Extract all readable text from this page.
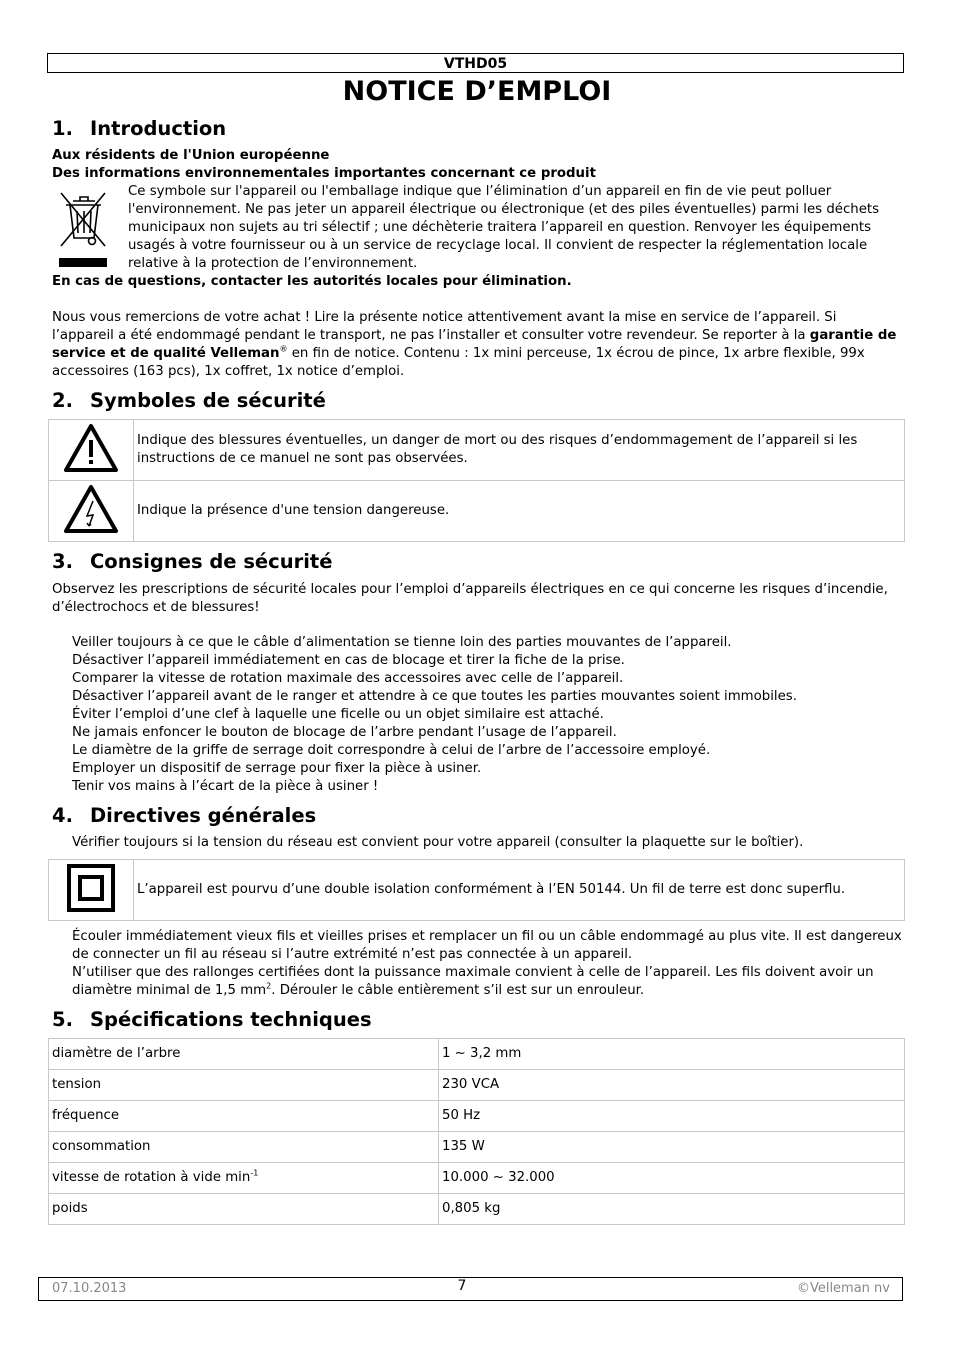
VTHD05
NOTICE D’EMPLOI
1. Introduction
Aux résidents de l'Union européenne
Des informations environnementales importantes concernant ce produit
Ce symbole sur l'appareil ou l'emballage indique que l’élimination d’un appareil en fin de vie peut polluer l'environnement. Ne pas jeter un appareil électrique ou électronique (et des piles éventuelles) parmi les déchets municipaux non sujets au tri sélectif ; une déchèterie traitera l’appareil en question. Renvoyer les équipements usagés à votre fournisseur ou à un service de recyclage local. Il convient de respecter la réglementation locale relative à la protection de l’environnement.
En cas de questions, contacter les autorités locales pour élimination.
Nous vous remercions de votre achat ! Lire la présente notice attentivement avant la mise en service de l’appareil. Si l’appareil a été endommagé pendant le transport, ne pas l’installer et consulter votre revendeur. Se reporter à la garantie de service et de qualité Velleman® en fin de notice. Contenu : 1x mini perceuse, 1x écrou de pince, 1x arbre flexible, 99x accessoires (163 pcs), 1x coffret, 1x notice d’emploi.
2. Symboles de sécurité
	Indique des blessures éventuelles, un danger de mort ou des risques d’endommagement de l’appareil si les instructions de ce manuel ne sont pas observées.
	Indique la présence d'une tension dangereuse.
3. Consignes de sécurité
Observez les prescriptions de sécurité locales pour l’emploi d’appareils électriques en ce qui concerne les risques d’incendie, d’électrochocs et de blessures!
Veiller toujours à ce que le câble d’alimentation se tienne loin des parties mouvantes de l’appareil.
Désactiver l’appareil immédiatement en cas de blocage et tirer la fiche de la prise.
Comparer la vitesse de rotation maximale des accessoires avec celle de l’appareil.
Désactiver l’appareil avant de le ranger et attendre à ce que toutes les parties mouvantes soient immobiles.
Éviter l’emploi d’une clef à laquelle une ficelle ou un objet similaire est attaché.
Ne jamais enfoncer le bouton de blocage de l’arbre pendant l’usage de l’appareil.
Le diamètre de la griffe de serrage doit correspondre à celui de l’arbre de l’accessoire employé.
Employer un dispositif de serrage pour fixer la pièce à usiner.
Tenir vos mains à l’écart de la pièce à usiner !
4. Directives générales
Vérifier toujours si la tension du réseau est convient pour votre appareil (consulter la plaquette sur le boîtier).
	L’appareil est pourvu d’une double isolation conformément à l’EN 50144. Un fil de terre est donc superflu.
Écouler immédiatement vieux fils et vieilles prises et remplacer un fil ou un câble endommagé au plus vite. Il est dangereux de connecter un fil au réseau si l’autre extrémité n’est pas connectée à un appareil.
N’utiliser que des rallonges certifiées dont la puissance maximale convient à celle de l’appareil. Les fils doivent avoir un diamètre minimal de 1,5 $mm^2$. Dérouler le câble entièrement s’il est sur un enrouleur.
5. Spécifications techniques
diamètre de l’arbre	1 ~ 3,2 mm
tension	230 VCA
fréquence	50 Hz
consommation	135 W
vitesse de rotation à vide $\min^{-1}$	10.000 ~ 32.000
poids	0,805 kg
07.10.2013	7	©Velleman nv
